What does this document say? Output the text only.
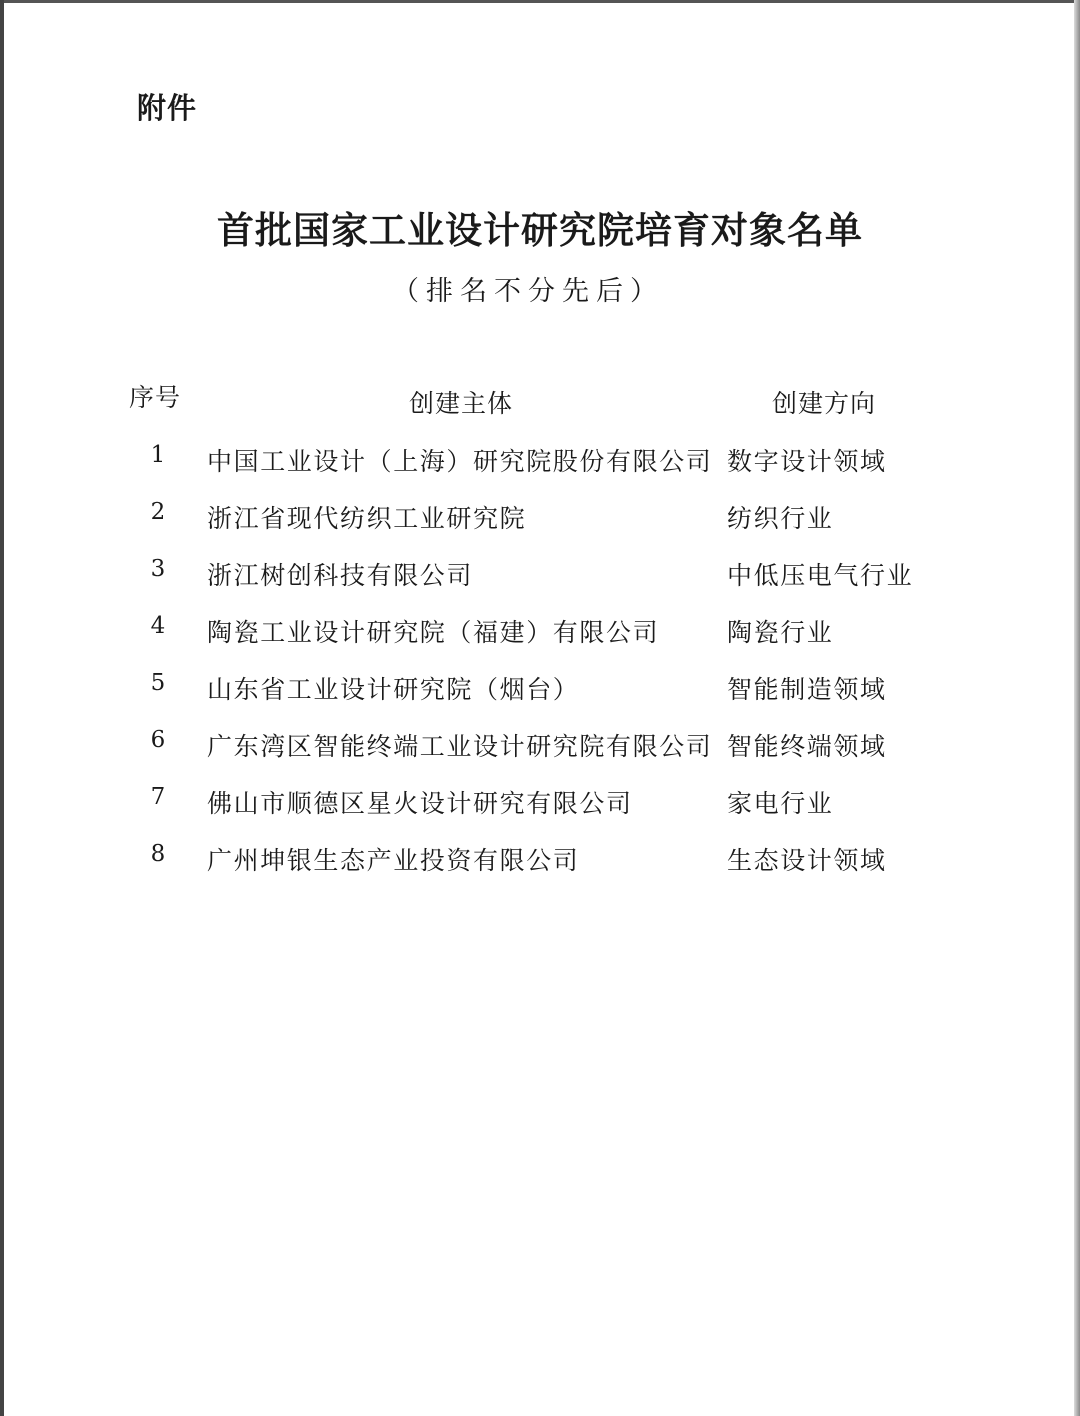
附件
首批国家工业设计研究院培育对象名单
（排名不分先后）
序号	创建主体	创建方向
1 中国工业设计（上海）研究院股份有限公司 数字设计领域
2 浙江省现代纺织工业研究院	纺织行业
3 浙江树创科技有限公司	中低压电气行业
4 陶瓷工业设计研究院（福建）有限公司	陶瓷行业
5 山东省工业设计研究院（烟台）	智能制造领域
6 广东湾区智能终端工业设计研究院有限公司 智能终端领域
7 佛山市顺德区星火设计研究有限公司	家电行业
8 广州坤银生态产业投资有限公司	生态设计领域
